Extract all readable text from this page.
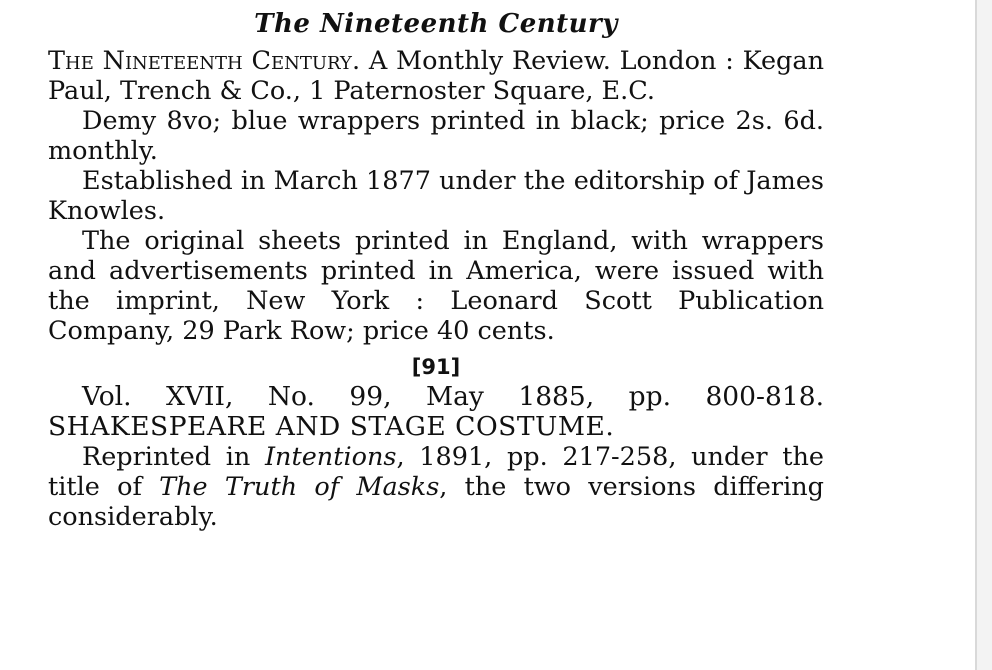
The Nineteenth Century

The Nineteenth Century. A Monthly Review. London : Kegan Paul, Trench & Co., 1 Paternoster Square, E.C.

Demy 8vo; blue wrappers printed in black; price 2s. 6d. monthly.

Established in March 1877 under the editorship of James Knowles.

The original sheets printed in England, with wrappers and advertisements printed in America, were issued with the imprint, New York : Leonard Scott Publication Company, 29 Park Row; price 40 cents.

[91]

Vol. XVII, No. 99, May 1885, pp. 800-818. SHAKESPEARE AND STAGE COSTUME.

Reprinted in Intentions, 1891, pp. 217-258, under the title of The Truth of Masks, the two versions differing considerably.
